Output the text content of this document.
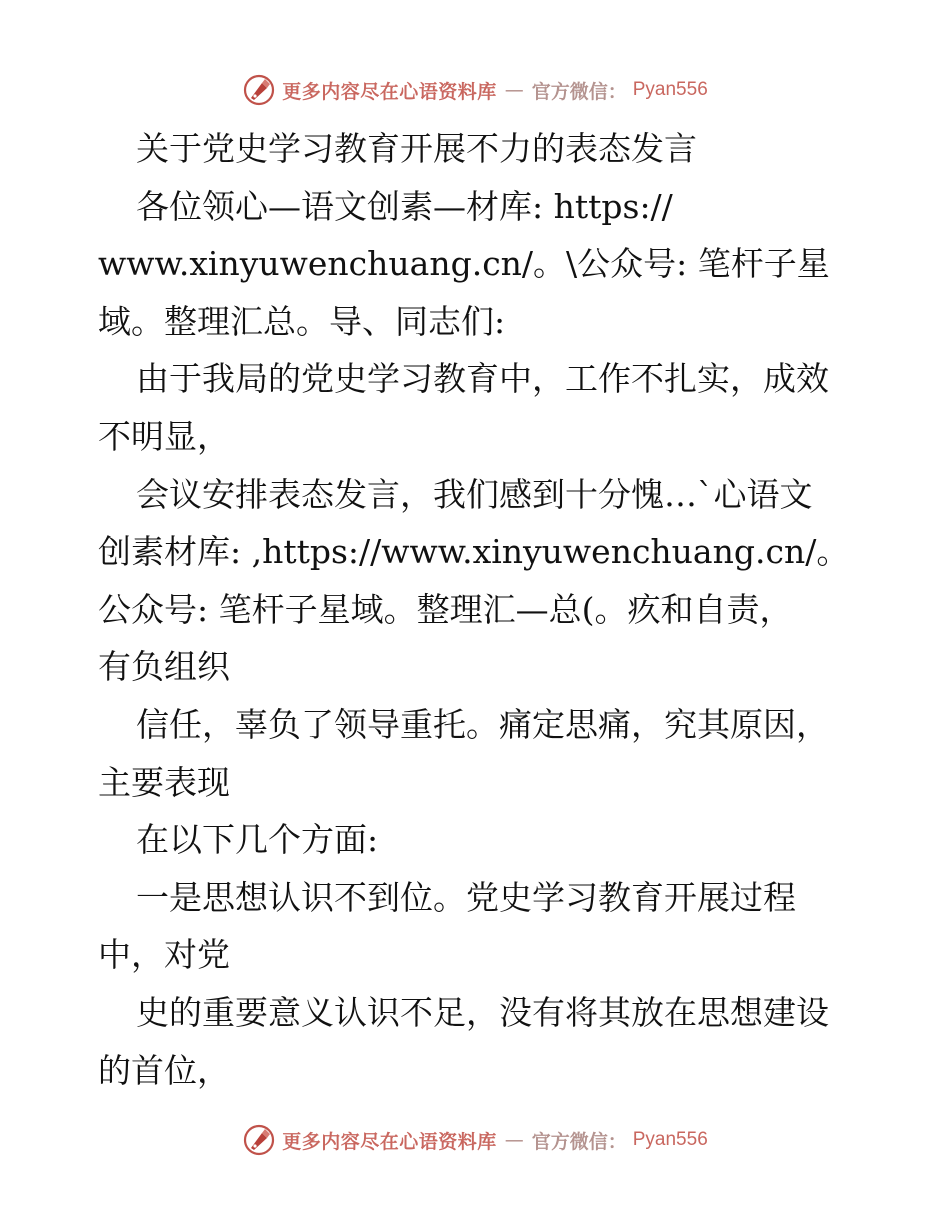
更多内容尽在心语资料库 — 官方微信： Pyan556
关于党史学习教育开展不力的表态发言
各位领心—语文创素—材库: https://
www.xinyuwenchuang.cn/。\公众号: 笔杆子星
域。整理汇总。导、同志们:
由于我局的党史学习教育中，工作不扎实，成效
不明显，
会议安排表态发言，我们感到十分愧…`心语文
创素材库: ,https://www.xinyuwenchuang.cn/。
公众号: 笔杆子星域。整理汇—总(。疚和自责，
有负组织
信任，辜负了领导重托。痛定思痛，究其原因，
主要表现
在以下几个方面:
一是思想认识不到位。党史学习教育开展过程
中，对党
史的重要意义认识不足，没有将其放在思想建设
的首位，
更多内容尽在心语资料库 — 官方微信： Pyan556
